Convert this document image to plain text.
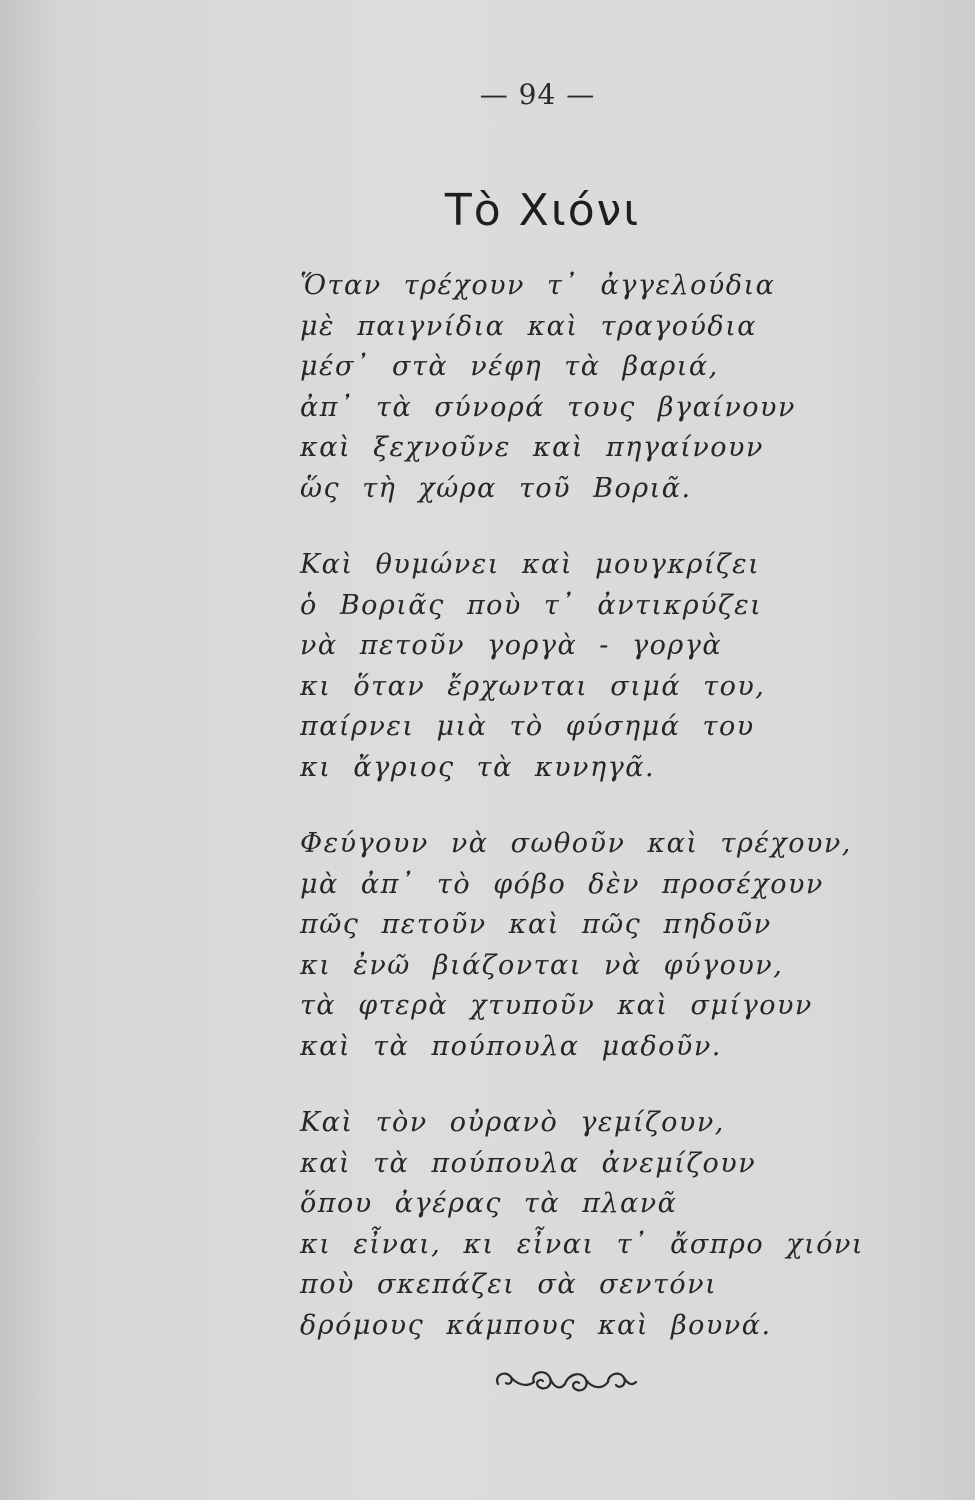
— 94 —
Τὸ Χιόνι
Ὅταν τρέχουν τ᾽ ἀγγελούδια
μὲ παιγνίδια καὶ τραγούδια
μέσ᾽ στὰ νέφη τὰ βαριά,
ἀπ᾽ τὰ σύνορά τους βγαίνουν
καὶ ξεχνοῦνε καὶ πηγαίνουν
ὥς τὴ χώρα τοῦ Βοριᾶ.
Καὶ θυμώνει καὶ μουγκρίζει
ὁ Βοριᾶς ποὺ τ᾽ ἀντικρύζει
νὰ πετοῦν γοργὰ - γοργὰ
κι ὅταν ἔρχωνται σιμά του,
παίρνει μιὰ τὸ φύσημά του
κι ἄγριος τὰ κυνηγᾶ.
Φεύγουν νὰ σωθοῦν καὶ τρέχουν,
μὰ ἀπ᾽ τὸ φόβο δὲν προσέχουν
πῶς πετοῦν καὶ πῶς πηδοῦν
κι ἐνῶ βιάζονται νὰ φύγουν,
τὰ φτερὰ χτυποῦν καὶ σμίγουν
καὶ τὰ πούπουλα μαδοῦν.
Καὶ τὸν οὐρανὸ γεμίζουν,
καὶ τὰ πούπουλα ἀνεμίζουν
ὅπου ἀγέρας τὰ πλανᾶ
κι εἶναι, κι εἶναι τ᾽ ἄσπρο χιόνι
ποὺ σκεπάζει σὰ σεντόνι
δρόμους κάμπους καὶ βουνά.
